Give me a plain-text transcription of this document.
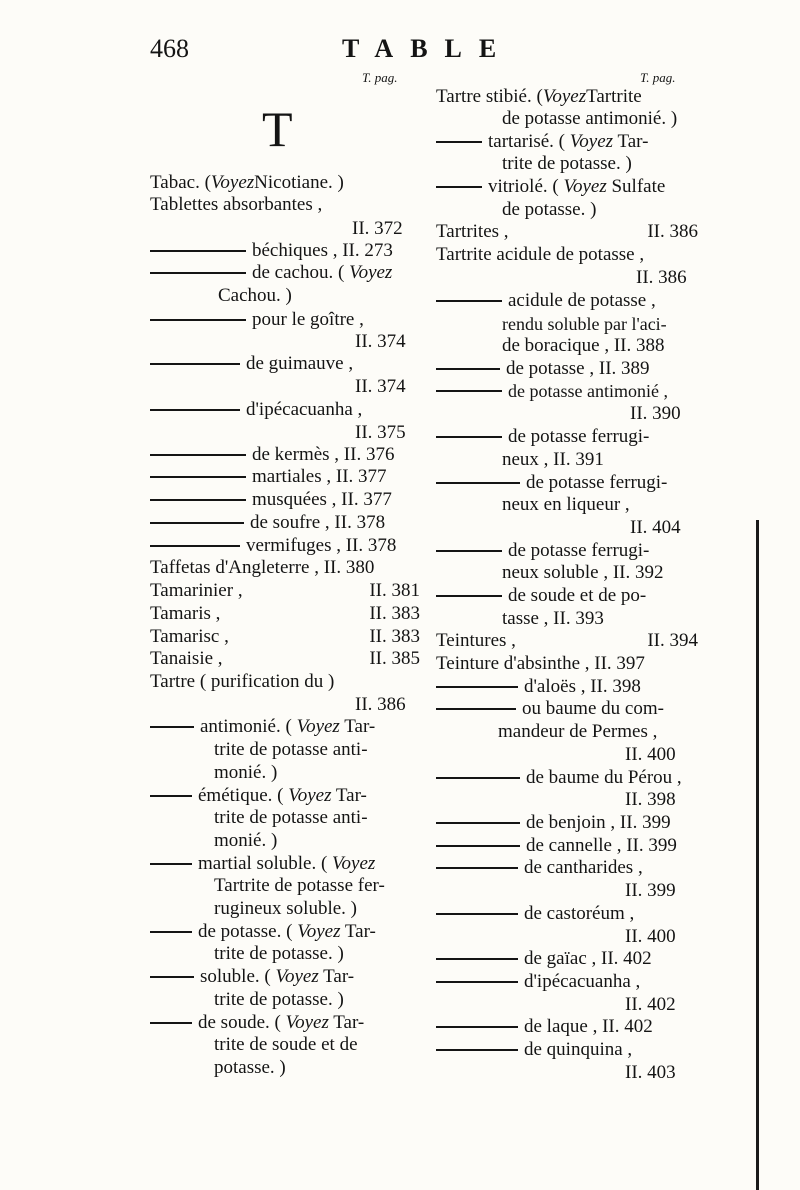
468	TABLE
T. pag.	T. pag.
T
Tabac. ( Voyez Nicotiane. )
Tablettes absorbantes ,
II. 372
béchiques , II. 273
de cachou. ( Voyez
Cachou. )
pour le goître ,
II. 374
de guimauve ,
II. 374
d'ipécacuanha ,
II. 375
de kermès , II. 376
martiales , II. 377
musquées , II. 377
de soufre , II. 378
vermifuges , II. 378
Taffetas d'Angleterre , II. 380
Tamarinier ,	II. 381
Tamaris ,	II. 383
Tamarisc ,	II. 383
Tanaisie ,	II. 385
Tartre ( purification du )
II. 386
antimonié. ( Voyez Tar-
trite de potasse anti-
monié. )
émétique. ( Voyez Tar-
trite de potasse anti-
monié. )
martial soluble. ( Voyez
Tartrite de potasse fer-
rugineux soluble. )
de potasse. ( Voyez Tar-
trite de potasse. )
soluble. ( Voyez Tar-
trite de potasse. )
de soude. ( Voyez Tar-
trite de soude et de
potasse. )
Tartre stibié. ( Voyez Tartrite
de potasse antimonié. )
tartarisé. ( Voyez Tar-
trite de potasse. )
vitriolé. ( Voyez Sulfate
de potasse. )
Tartrites ,	II. 386
Tartrite acidule de potasse ,
II. 386
acidule de potasse ,
rendu soluble par l'aci-
de boracique , II. 388
de potasse , II. 389
de potasse antimonié ,
II. 390
de potasse ferrugi-
neux , II. 391
de potasse ferrugi-
neux en liqueur ,
II. 404
de potasse ferrugi-
neux soluble , II. 392
de soude et de po-
tasse , II. 393
Teintures ,	II. 394
Teinture d'absinthe , II. 397
d'aloës , II. 398
ou baume du com-
mandeur de Permes ,
II. 400
de baume du Pérou ,
II. 398
de benjoin , II. 399
de cannelle , II. 399
de cantharides ,
II. 399
de castoréum ,
II. 400
de gaïac , II. 402
d'ipécacuanha ,
II. 402
de laque , II. 402
de quinquina ,
II. 403
